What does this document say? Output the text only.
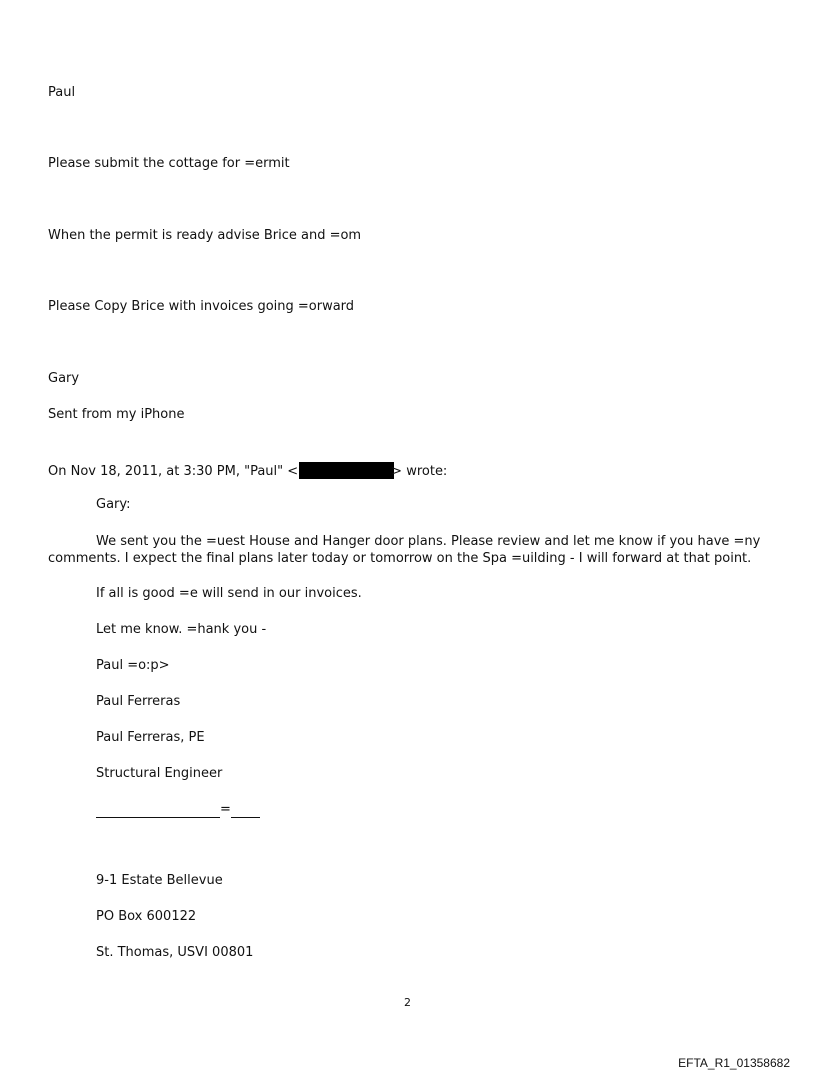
Paul
Please submit the cottage for =ermit
When the permit is ready advise Brice and =om
Please Copy Brice with invoices going =orward
Gary
Sent from my iPhone
On Nov 18, 2011, at 3:30 PM, "Paul" <	> wrote:
Gary:
We sent you the =uest House and Hanger door plans. Please review and let me know if you have =ny comments. I expect the final plans later today or tomorrow on the Spa =uilding - I will forward at that point.
If all is good =e will send in our invoices.
Let me know. =hank you -
Paul =o:p>
Paul Ferreras
Paul Ferreras, PE
Structural Engineer
=
9-1 Estate Bellevue
PO Box 600122
St. Thomas, USVI 00801
2
EFTA_R1_01358682
